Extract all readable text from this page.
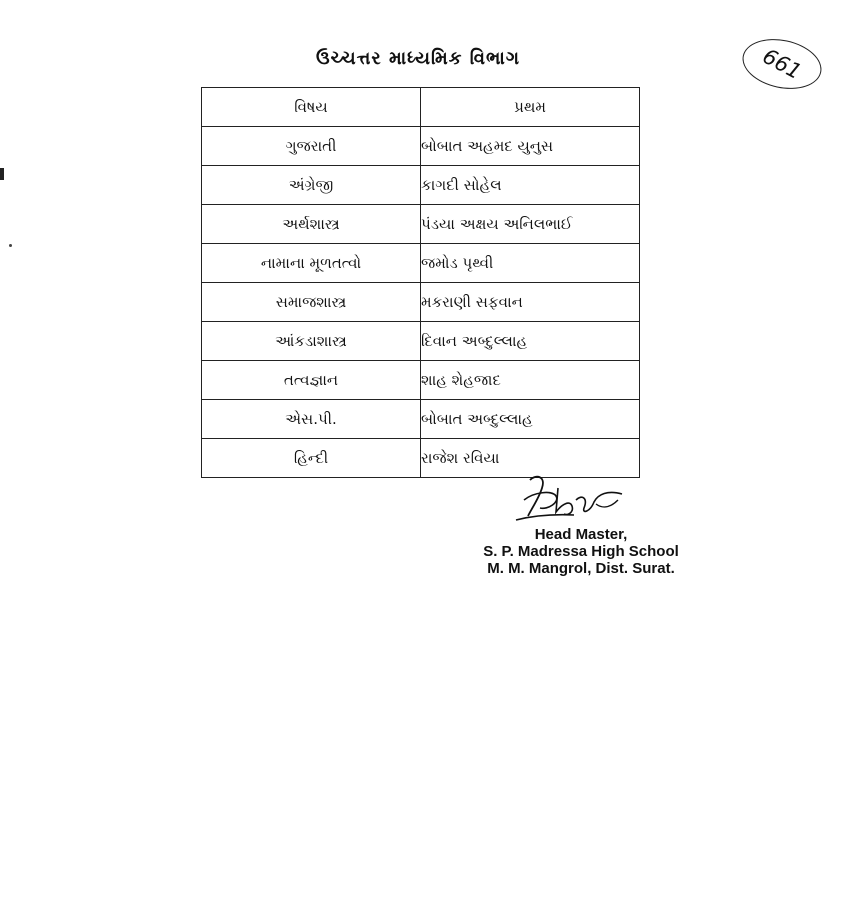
ઉચ્ચત્તર માધ્યમિક વિભાગ	661
વિષય	પ્રથમ
ગુજરાતી	બોબાત અહમદ યુનુસ
અંગ્રેજી	કાગદી સોહેલ
અર્થશાસ્ત્ર	પંડયા અક્ષય અનિલભાઈ
નામાના મૂળતત્વો	જમોડ પૃથ્વી
સમાજશાસ્ત્ર	મકરાણી સફવાન
આંકડાશાસ્ત્ર	દિવાન અબ્દુલ્લાહ
તત્વજ્ઞાન	શાહ શેહજાદ
એસ.પી.	બોબાત અબ્દુલ્લાહ
હિન્દી	રાજેશ રવિયા
Head Master,
S. P. Madressa High School
M. M. Mangrol, Dist. Surat.
